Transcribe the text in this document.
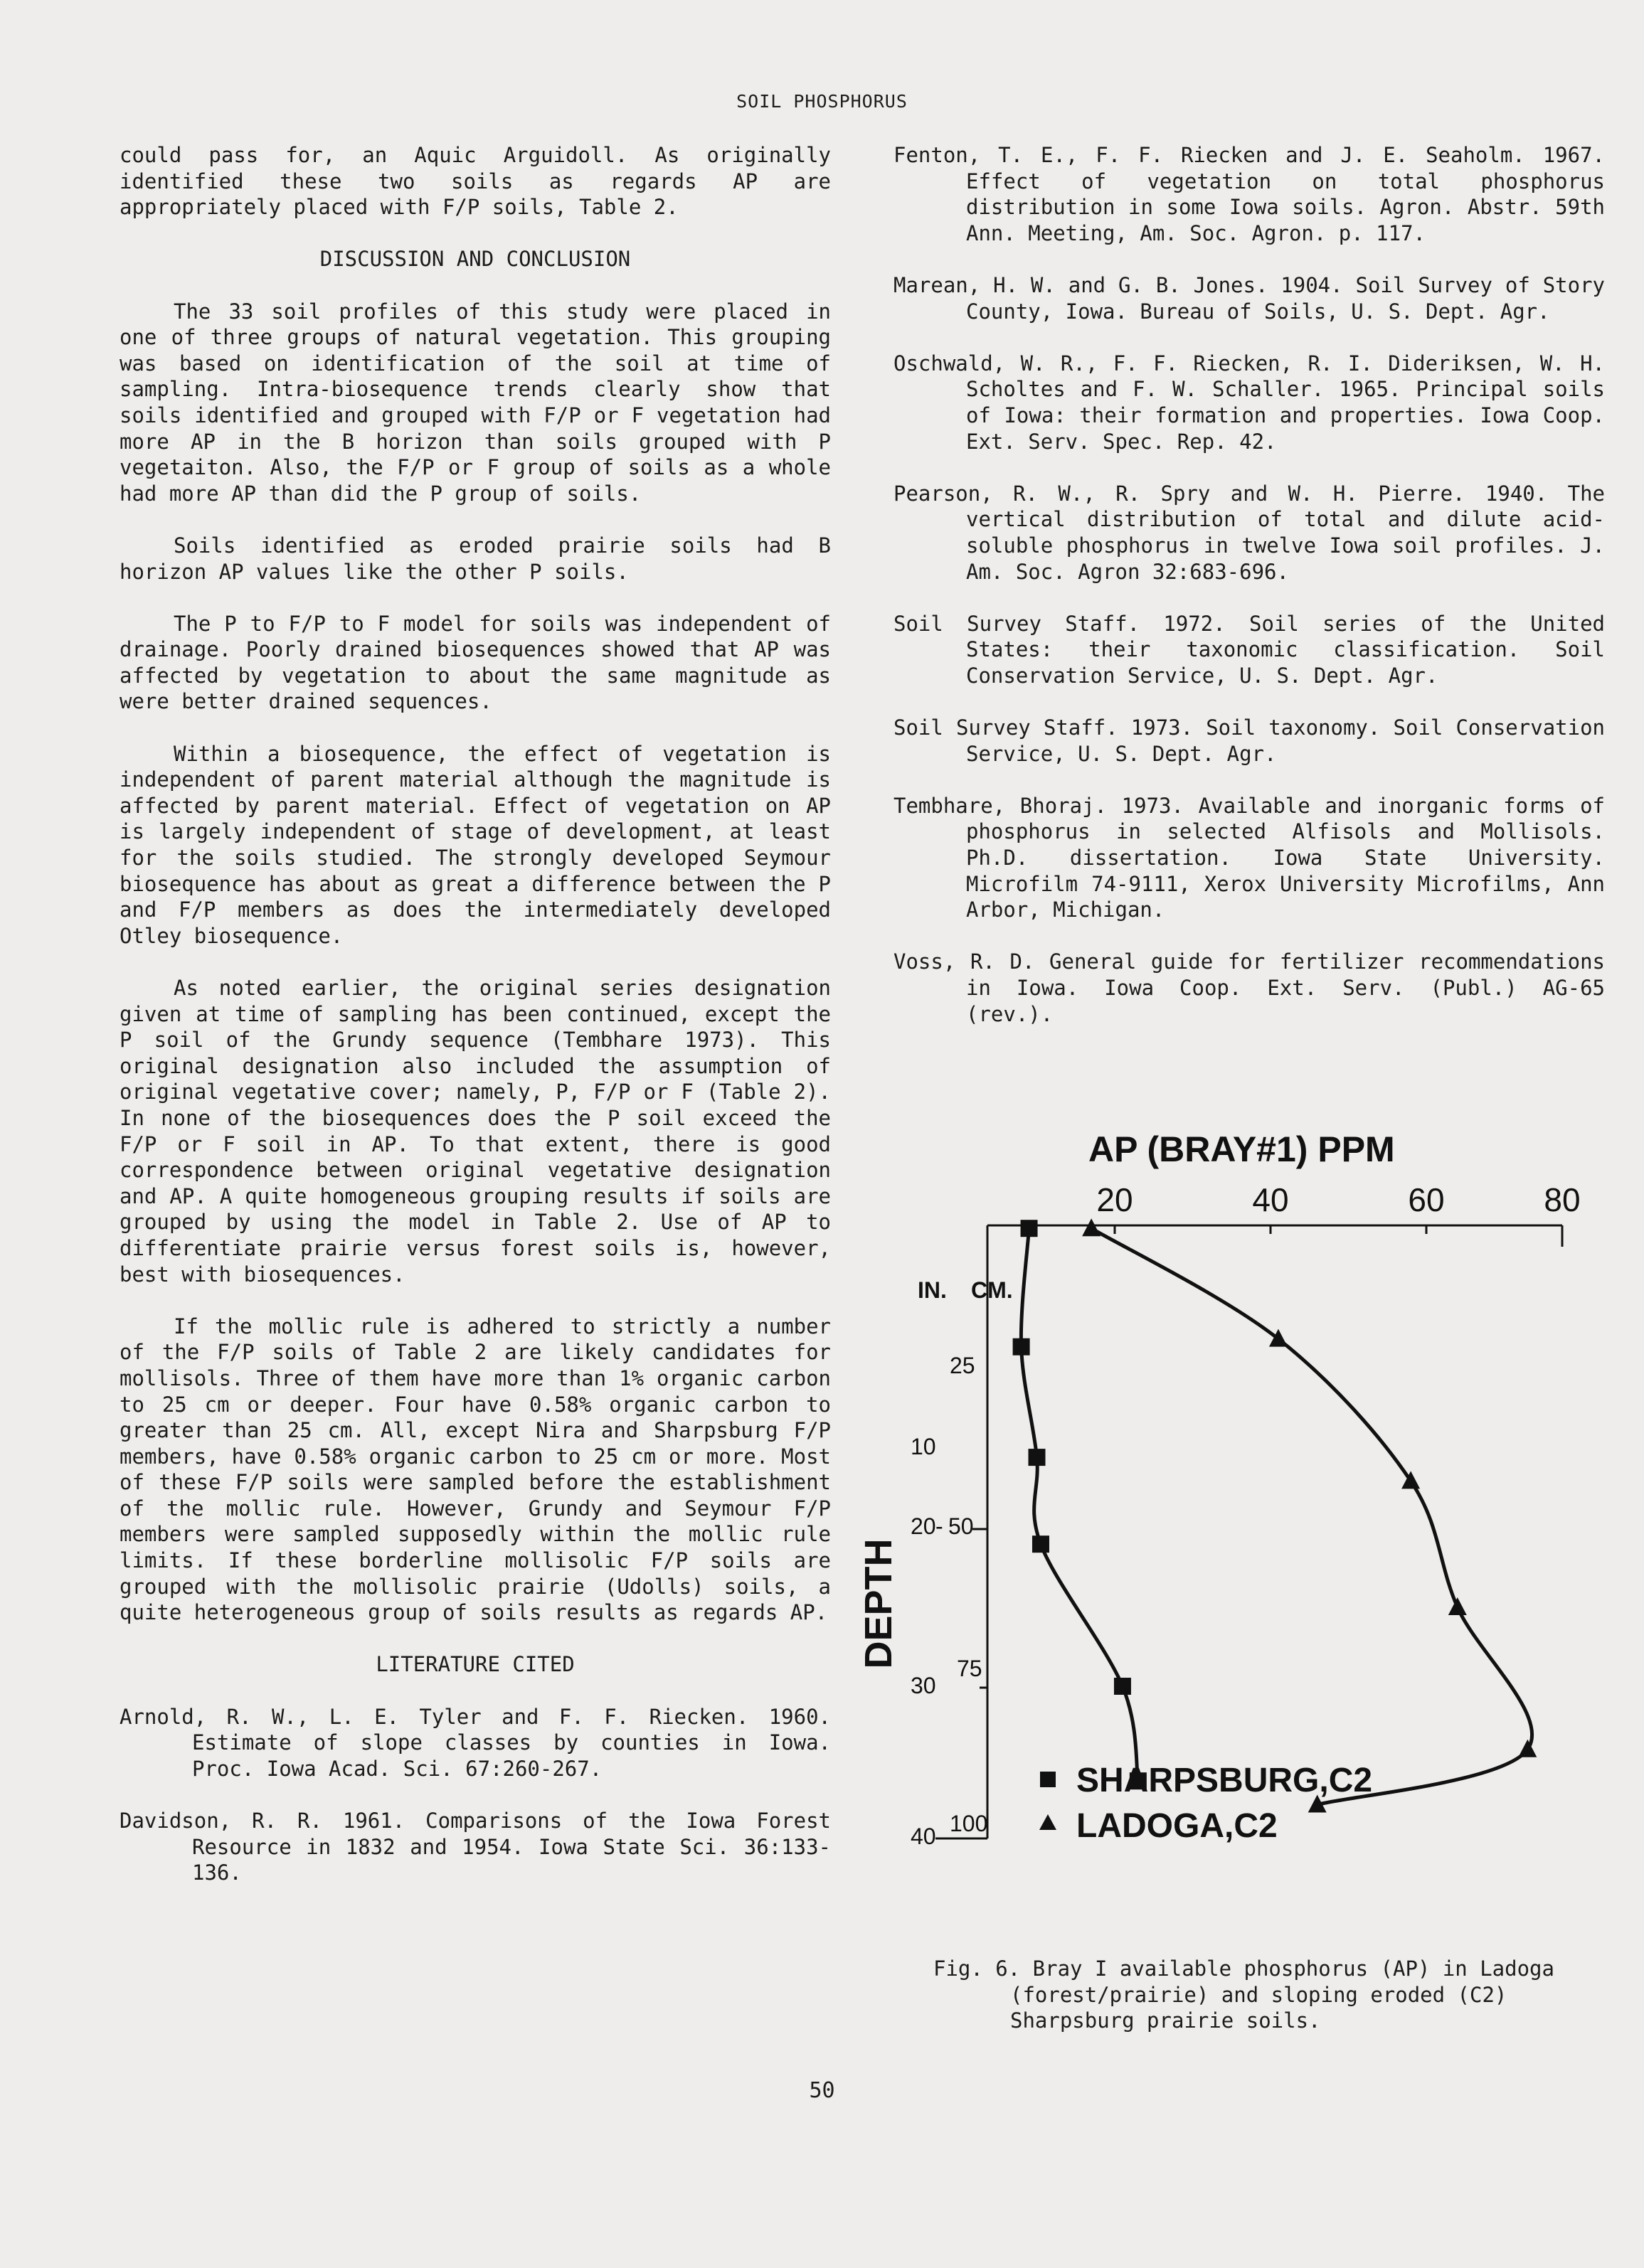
SOIL PHOSPHORUS

could pass for, an Aquic Arguidoll. As originally identified these two soils as regards AP are appropriately placed with F/P soils, Table 2.

DISCUSSION AND CONCLUSION

The 33 soil profiles of this study were placed in one of three groups of natural vegetation. This grouping was based on identification of the soil at time of sampling. Intra-biosequence trends clearly show that soils identified and grouped with F/P or F vegetation had more AP in the B horizon than soils grouped with P vegetaiton. Also, the F/P or F group of soils as a whole had more AP than did the P group of soils.

Soils identified as eroded prairie soils had B horizon AP values like the other P soils.

The P to F/P to F model for soils was independent of drainage. Poorly drained biosequences showed that AP was affected by vegetation to about the same magnitude as were better drained sequences.

Within a biosequence, the effect of vegetation is independent of parent material although the magnitude is affected by parent material. Effect of vegetation on AP is largely independent of stage of development, at least for the soils studied. The strongly developed Seymour biosequence has about as great a difference between the P and F/P members as does the intermediately developed Otley biosequence.

As noted earlier, the original series designation given at time of sampling has been continued, except the P soil of the Grundy sequence (Tembhare 1973). This original designation also included the assumption of original vegetative cover; namely, P, F/P or F (Table 2). In none of the biosequences does the P soil exceed the F/P or F soil in AP. To that extent, there is good correspondence between original vegetative designation and AP. A quite homogeneous grouping results if soils are grouped by using the model in Table 2. Use of AP to differentiate prairie versus forest soils is, however, best with biosequences.

If the mollic rule is adhered to strictly a number of the F/P soils of Table 2 are likely candidates for mollisols. Three of them have more than 1% organic carbon to 25 cm or deeper. Four have 0.58% organic carbon to greater than 25 cm. All, except Nira and Sharpsburg F/P members, have 0.58% organic carbon to 25 cm or more. Most of these F/P soils were sampled before the establishment of the mollic rule. However, Grundy and Seymour F/P members were sampled supposedly within the mollic rule limits. If these borderline mollisolic F/P soils are grouped with the mollisolic prairie (Udolls) soils, a quite heterogeneous group of soils results as regards AP.

LITERATURE CITED

Arnold, R. W., L. E. Tyler and F. F. Riecken. 1960. Estimate of slope classes by counties in Iowa. Proc. Iowa Acad. Sci. 67:260-267.

Davidson, R. R. 1961. Comparisons of the Iowa Forest Resource in 1832 and 1954. Iowa State Sci. 36:133-136.

Fenton, T. E., F. F. Riecken and J. E. Seaholm. 1967. Effect of vegetation on total phosphorus distribution in some Iowa soils. Agron. Abstr. 59th Ann. Meeting, Am. Soc. Agron. p. 117.

Marean, H. W. and G. B. Jones. 1904. Soil Survey of Story County, Iowa. Bureau of Soils, U. S. Dept. Agr.

Oschwald, W. R., F. F. Riecken, R. I. Dideriksen, W. H. Scholtes and F. W. Schaller. 1965. Principal soils of Iowa: their formation and properties. Iowa Coop. Ext. Serv. Spec. Rep. 42.

Pearson, R. W., R. Spry and W. H. Pierre. 1940. The vertical distribution of total and dilute acid-soluble phosphorus in twelve Iowa soil profiles. J. Am. Soc. Agron 32:683-696.

Soil Survey Staff. 1972. Soil series of the United States: their taxonomic classification. Soil Conservation Service, U. S. Dept. Agr.

Soil Survey Staff. 1973. Soil taxonomy. Soil Conservation Service, U. S. Dept. Agr.

Tembhare, Bhoraj. 1973. Available and inorganic forms of phosphorus in selected Alfisols and Mollisols. Ph.D. dissertation. Iowa State University. Microfilm 74-9111, Xerox University Microfilms, Ann Arbor, Michigan.

Voss, R. D. General guide for fertilizer recommendations in Iowa. Iowa Coop. Ext. Serv. (Publ.) AG-65 (rev.).

AP (BRAY#1) PPM
20	40	60	80
IN. CM.
25
10
20 - 50
75
30
100
40
DEPTH
SHARPSBURG,C2
LADOGA,C2
Fig. 6. Bray I available phosphorus (AP) in Ladoga (forest/prairie) and sloping eroded (C2) Sharpsburg prairie soils.
50
